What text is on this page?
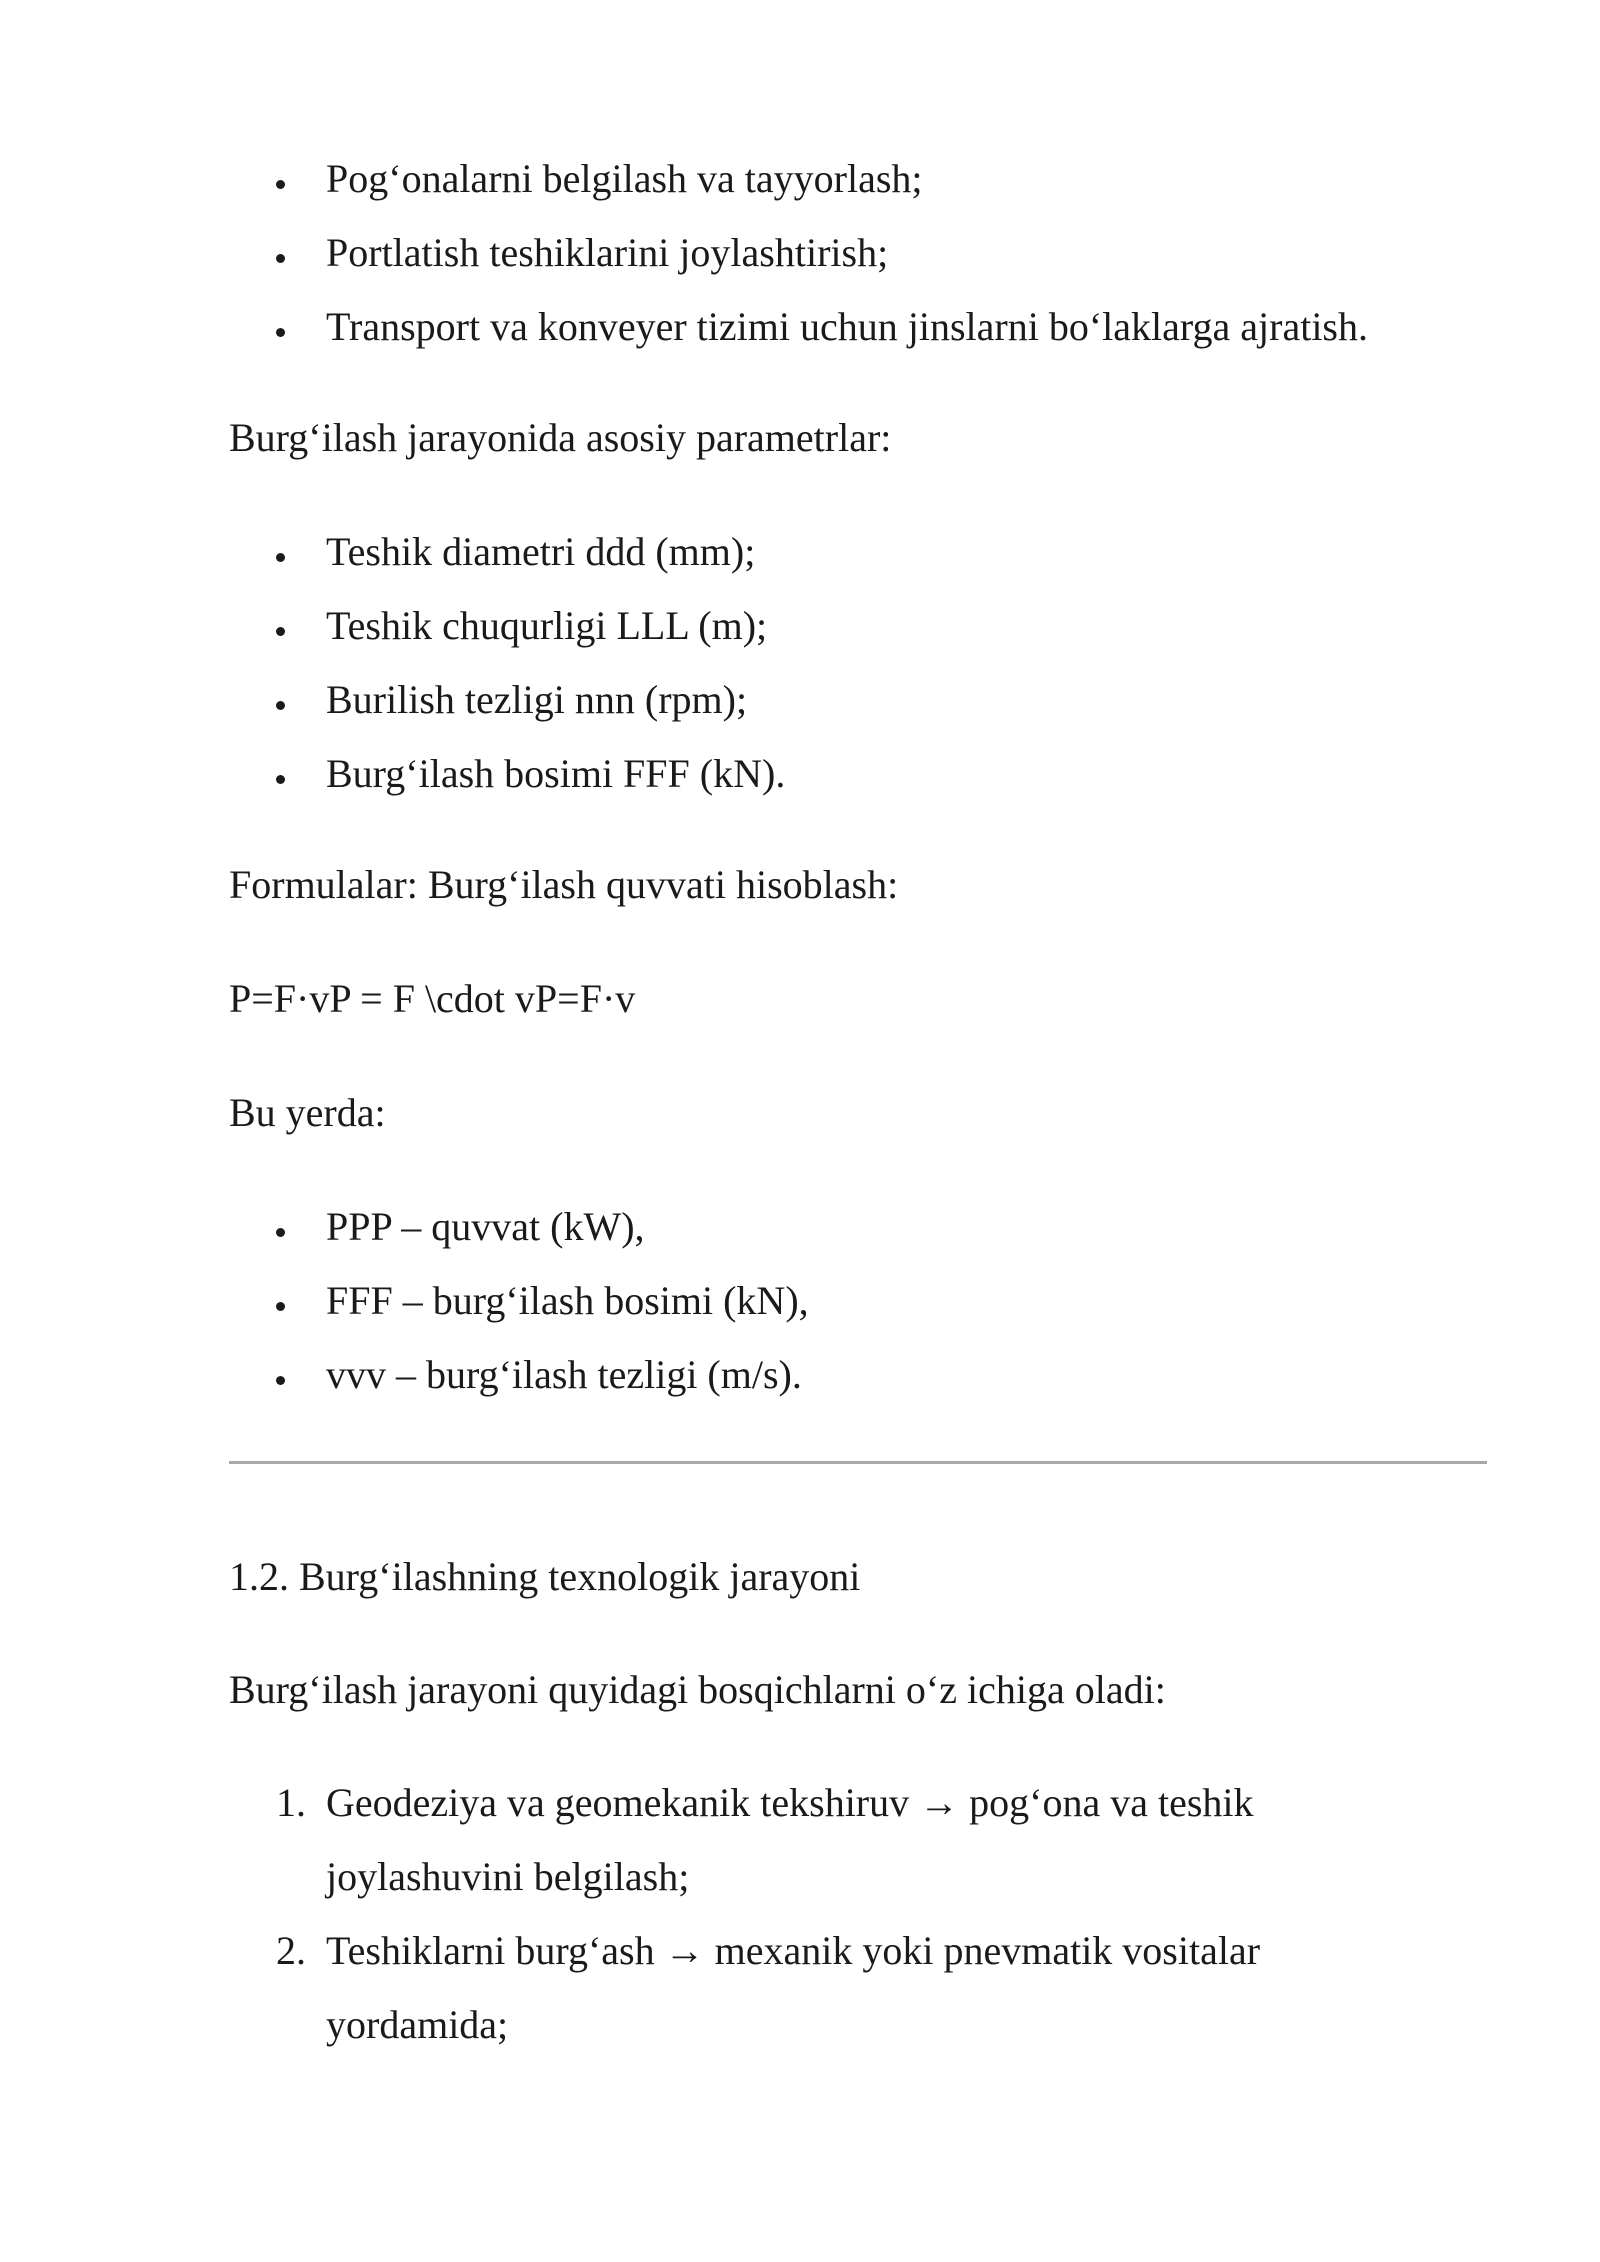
Pog‘onalarni belgilash va tayyorlash;
Portlatish teshiklarini joylashtirish;
Transport va konveyer tizimi uchun jinslarni bo‘laklarga ajratish.
Burg‘ilash jarayonida asosiy parametrlar:
Teshik diametri ddd (mm);
Teshik chuqurligi LLL (m);
Burilish tezligi nnn (rpm);
Burg‘ilash bosimi FFF (kN).
Formulalar: Burg‘ilash quvvati hisoblash:
P=F·vP = F \cdot vP=F·v
Bu yerda:
PPP – quvvat (kW),
FFF – burg‘ilash bosimi (kN),
vvv – burg‘ilash tezligi (m/s).
1.2. Burg‘ilashning texnologik jarayoni
Burg‘ilash jarayoni quyidagi bosqichlarni o‘z ichiga oladi:
1. Geodeziya va geomekanik tekshiruv → pog‘ona va teshik
joylashuvini belgilash;
2. Teshiklarni burg‘ash → mexanik yoki pnevmatik vositalar
yordamida;
